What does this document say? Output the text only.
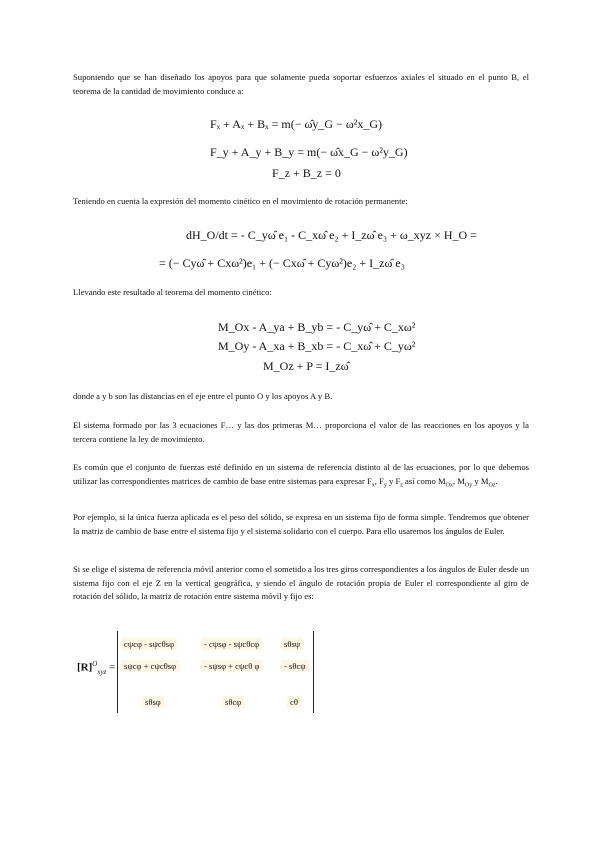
Suponiendo que se han diseñado los apoyos para que solamente pueda soportar esfuerzos axiales el situado en el punto B, el teorema de la cantidad de movimiento conduce a:

Fₓ + Aₓ + Bₓ = m(− ω̂y_G − ω²x_G)
F_y + A_y + B_y = m(− ω̂x_G − ω²y_G)
F_z + B_z = 0

Teniendo en cuenta la expresión del momento cinético en el movimiento de rotación permanente:

dH_O/dt = - C_yω̂ e₁ - C_xω̂ e₂ + I_zω̂ e₃ + ω_xyz × H_O =
= (− Cyω̂ + Cxω²)e₁ + (− Cxω̂ + Cyω²)e₂ + I_zω̂ e₃

Llevando este resultado al teorema del momento cinético:

M_Ox - A_ya + B_yb = - C_yω̂ + C_xω²
M_Oy - A_xa + B_xb = - C_xω̂ + C_yω²
M_Oz + P = I_zω̂

donde a y b son las distancias en el eje entre el punto O y los apoyos A y B.

El sistema formado por las 3 ecuaciones F… y las dos primeras M… proporciona el valor de las reacciones en los apoyos y la tercera contiene la ley de movimiento.

Es común que el conjunto de fuerzas esté definido en un sistema de referencia distinto al de las ecuaciones, por lo que debemos utilizar las correspondientes matrices de cambio de base entre sistemas para expresar $F_x$, $F_y$ y $F_z$ así como $M_{Ox}$, $M_{Oy}$ y $M_{Oz}$.

Por ejemplo, si la única fuerza aplicada es el peso del sólido, se expresa en un sistema fijo de forma simple. Tendremos que obtener la matriz de cambio de base entre el sistema fijo y el sistema solidario con el cuerpo. Para ello usaremos los ángulos de Euler.

Si se elige el sistema de referencia móvil anterior como el sometido a los tres giros correspondientes a los ángulos de Euler desde un sistema fijo con el eje Z en la vertical geográfica, y siendo el ángulo de rotación propia de Euler el correspondiente al giro de rotación del sólido, la matriz de rotación entre sistema móvil y fijo es:

$[R]^O_{xyz}$ =
cψcφ - sψcθsφ	- cψsφ - sψcθcφ	sθsψ
sψcφ + cψcθsφ	- sψsφ + cψcθ φ	- sθcψ
sθsφ	sθcφ	cθ
